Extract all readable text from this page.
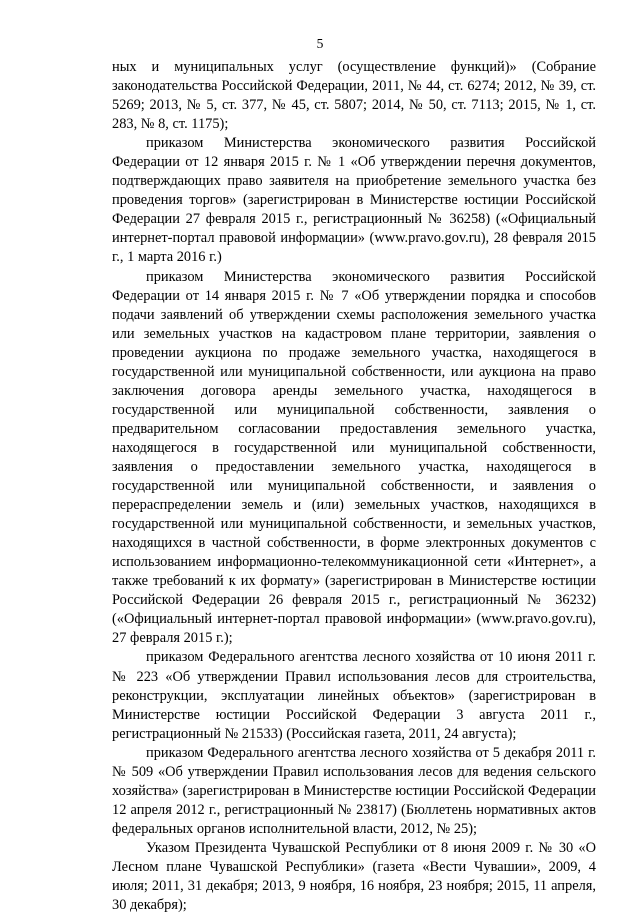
5

ных и муниципальных услуг (осуществление функций)» (Собрание законодательства Российской Федерации, 2011, № 44, ст. 6274; 2012, № 39, ст. 5269; 2013, № 5, ст. 377, № 45, ст. 5807; 2014, № 50, ст. 7113; 2015, № 1, ст. 283, № 8, ст. 1175);

приказом Министерства экономического развития Российской Федерации от 12 января 2015 г. № 1 «Об утверждении перечня документов, подтверждающих право заявителя на приобретение земельного участка без проведения торгов» (зарегистрирован в Министерстве юстиции Российской Федерации 27 февраля 2015 г., регистрационный № 36258) («Официальный интернет-портал правовой информации» (www.pravo.gov.ru), 28 февраля 2015 г., 1 марта 2016 г.)

приказом Министерства экономического развития Российской Федерации от 14 января 2015 г. № 7 «Об утверждении порядка и способов подачи заявлений об утверждении схемы расположения земельного участка или земельных участков на кадастровом плане территории, заявления о проведении аукциона по продаже земельного участка, находящегося в государственной или муниципальной собственности, или аукциона на право заключения договора аренды земельного участка, находящегося в государственной или муниципальной собственности, заявления о предварительном согласовании предоставления земельного участка, находящегося в государственной или муниципальной собственности, заявления о предоставлении земельного участка, находящегося в государственной или муниципальной собственности, и заявления о перераспределении земель и (или) земельных участков, находящихся в государственной или муниципальной собственности, и земельных участков, находящихся в частной собственности, в форме электронных документов с использованием информационно-телекоммуникационной сети «Интернет», а также требований к их формату» (зарегистрирован в Министерстве юстиции Российской Федерации 26 февраля 2015 г., регистрационный № 36232) («Официальный интернет-портал правовой информации» (www.pravo.gov.ru), 27 февраля 2015 г.);

приказом Федерального агентства лесного хозяйства от 10 июня 2011 г. № 223 «Об утверждении Правил использования лесов для строительства, реконструкции, эксплуатации линейных объектов» (зарегистрирован в Министерстве юстиции Российской Федерации 3 августа 2011 г., регистрационный № 21533) (Российская газета, 2011, 24 августа);

приказом Федерального агентства лесного хозяйства от 5 декабря 2011 г. № 509 «Об утверждении Правил использования лесов для ведения сельского хозяйства» (зарегистрирован в Министерстве юстиции Российской Федерации 12 апреля 2012 г., регистрационный № 23817) (Бюллетень нормативных актов федеральных органов исполнительной власти, 2012, № 25);

Указом Президента Чувашской Республики от 8 июня 2009 г. № 30 «О Лесном плане Чувашской Республики» (газета «Вести Чувашии», 2009, 4 июля; 2011, 31 декабря; 2013, 9 ноября, 16 ноября, 23 ноября; 2015, 11 апреля, 30 декабря);
